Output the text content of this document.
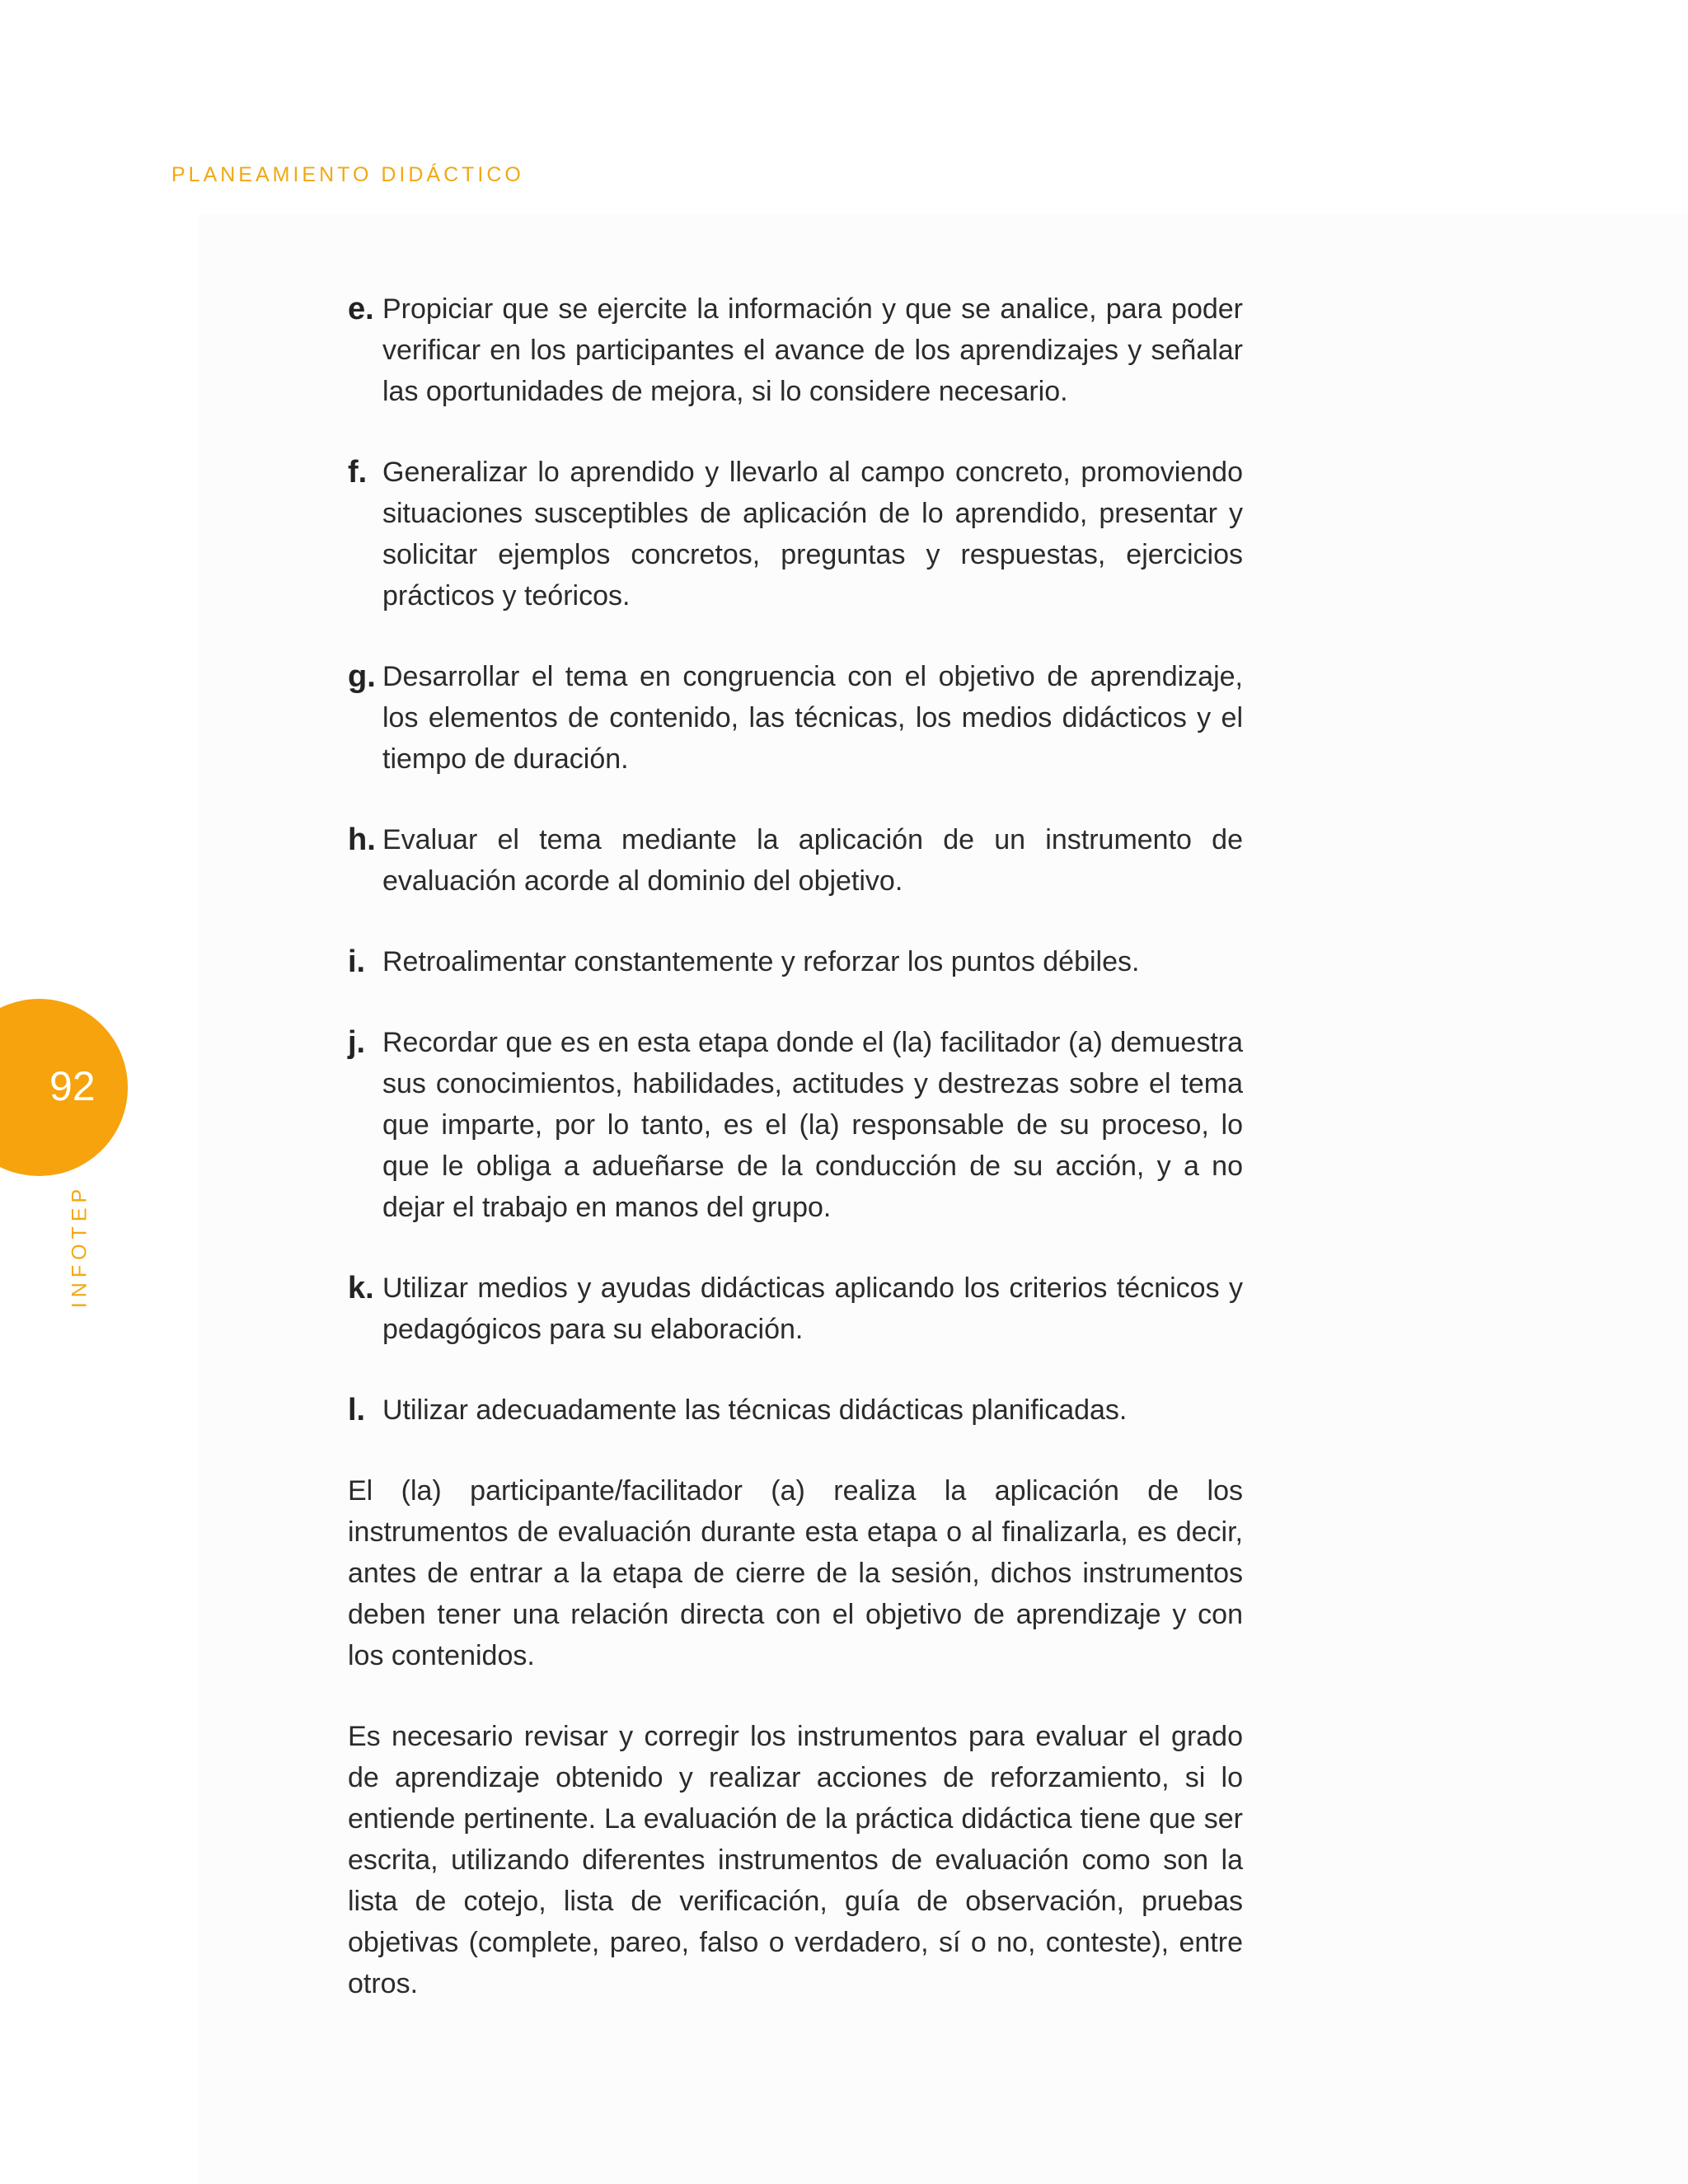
PLANEAMIENTO DIDÁCTICO
92
INFOTEP
e. Propiciar que se ejercite la información y que se analice, para poder verificar en los participantes el avance de los aprendizajes y señalar las oportunidades de mejora, si lo considere necesario.
f. Generalizar lo aprendido y llevarlo al campo concreto, promoviendo situaciones susceptibles de aplicación de lo aprendido, presentar y solicitar ejemplos concretos, preguntas y respuestas, ejercicios prácticos y teóricos.
g. Desarrollar el tema en congruencia con el objetivo de aprendizaje, los elementos de contenido, las técnicas, los medios didácticos y el tiempo de duración.
h. Evaluar el tema mediante la aplicación de un instrumento de evaluación acorde al dominio del objetivo.
i. Retroalimentar constantemente y reforzar los puntos débiles.
j. Recordar que es en esta etapa donde el (la) facilitador (a) demuestra sus conocimientos, habilidades, actitudes y destrezas sobre el tema que imparte, por lo tanto, es el (la) responsable de su proceso, lo que le obliga a adueñarse de la conducción de su acción, y a no dejar el trabajo en manos del grupo.
k. Utilizar medios y ayudas didácticas aplicando los criterios técnicos y pedagógicos para su elaboración.
l. Utilizar adecuadamente las técnicas didácticas planificadas.

El (la) participante/facilitador (a) realiza la aplicación de los instrumentos de evaluación durante esta etapa o al finalizarla, es decir, antes de entrar a la etapa de cierre de la sesión, dichos instrumentos deben tener una relación directa con el objetivo de aprendizaje y con los contenidos.

Es necesario revisar y corregir los instrumentos para evaluar el grado de aprendizaje obtenido y realizar acciones de reforzamiento, si lo entiende pertinente. La evaluación de la práctica didáctica tiene que ser escrita, utilizando diferentes instrumentos de evaluación como son la lista de cotejo, lista de verificación, guía de observación, pruebas objetivas (complete, pareo, falso o verdadero, sí o no, conteste), entre otros.
